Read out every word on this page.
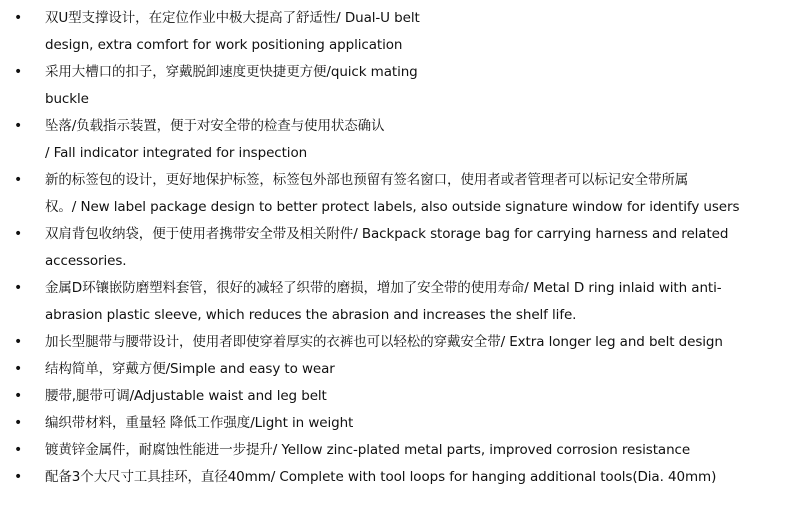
• 双U型支撑设计，在定位作业中极大提高了舒适性/ Dual-U belt
design, extra comfort for work positioning application
• 采用大槽口的扣子，穿戴脱卸速度更快捷更方便/quick mating
buckle
• 坠落/负载指示装置，便于对安全带的检查与使用状态确认
/ Fall indicator integrated for inspection
• 新的标签包的设计，更好地保护标签，标签包外部也预留有签名窗口，使用者或者管理者可以标记安全带所属
权。/ New label package design to better protect labels, also outside signature window for identify users
• 双肩背包收纳袋，便于使用者携带安全带及相关附件/ Backpack storage bag for carrying harness and related
accessories.
• 金属D环镶嵌防磨塑料套管，很好的减轻了织带的磨损，增加了安全带的使用寿命/ Metal D ring inlaid with anti-
abrasion plastic sleeve, which reduces the abrasion and increases the shelf life.
• 加长型腿带与腰带设计，使用者即使穿着厚实的衣裤也可以轻松的穿戴安全带/ Extra longer leg and belt design
• 结构简单，穿戴方便/Simple and easy to wear
• 腰带,腿带可调/Adjustable waist and leg belt
• 编织带材料，重量轻 降低工作强度/Light in weight
• 镀黄锌金属件，耐腐蚀性能进一步提升/ Yellow zinc-plated metal parts, improved corrosion resistance
• 配备3个大尺寸工具挂环，直径40mm/ Complete with tool loops for hanging additional tools(Dia. 40mm)
